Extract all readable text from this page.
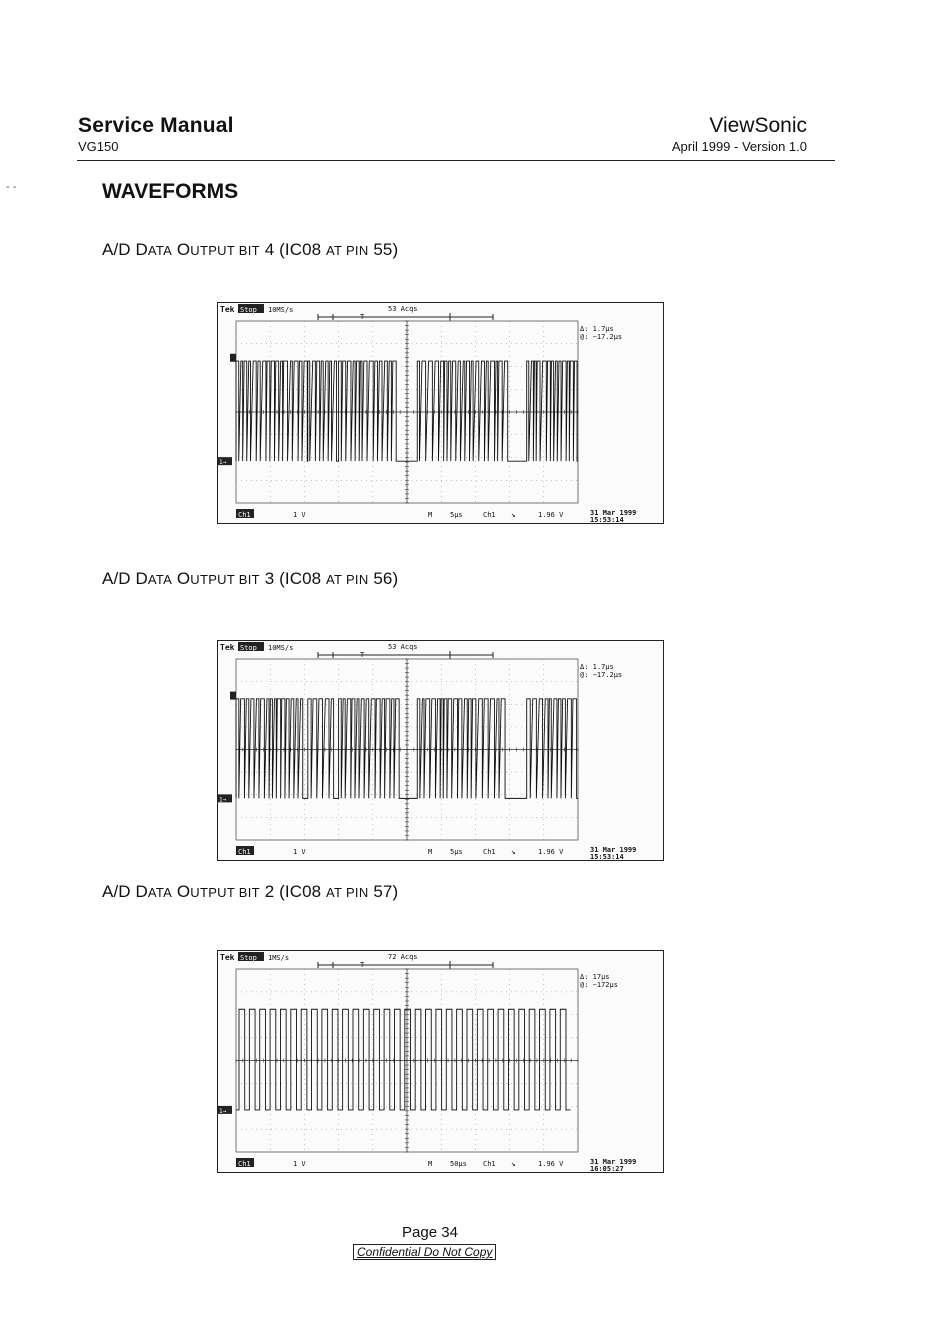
- -
Service Manual
VG150
ViewSonic
April 1999 - Version 1.0
WAVEFORMS
A/D DATA OUTPUT BIT 4 (IC08 AT PIN 55)
A/D DATA OUTPUT BIT 3 (IC08 AT PIN 56)
A/D DATA OUTPUT BIT 2 (IC08 AT PIN 57)
Tek Stop 10MS/s	53 Acqs
T
1→
Δ: 1.7µs
@: −17.2µs
Ch1	1 V	M	5µs	Ch1 ↘	1.96 V	31 Mar 1999
15:53:14
Tek Stop 10MS/s	53 Acqs
T
1→
Δ: 1.7µs
@: −17.2µs
Ch1	1 V	M	5µs	Ch1 ↘	1.96 V	31 Mar 1999
15:53:14
Tek Stop 1MS/s	72 Acqs
T
1→
Δ: 17µs
@: −172µs
Ch1	1 V	M	50µs Ch1 ↘	1.96 V	31 Mar 1999
16:05:27
Page 34
Confidential Do Not Copy
